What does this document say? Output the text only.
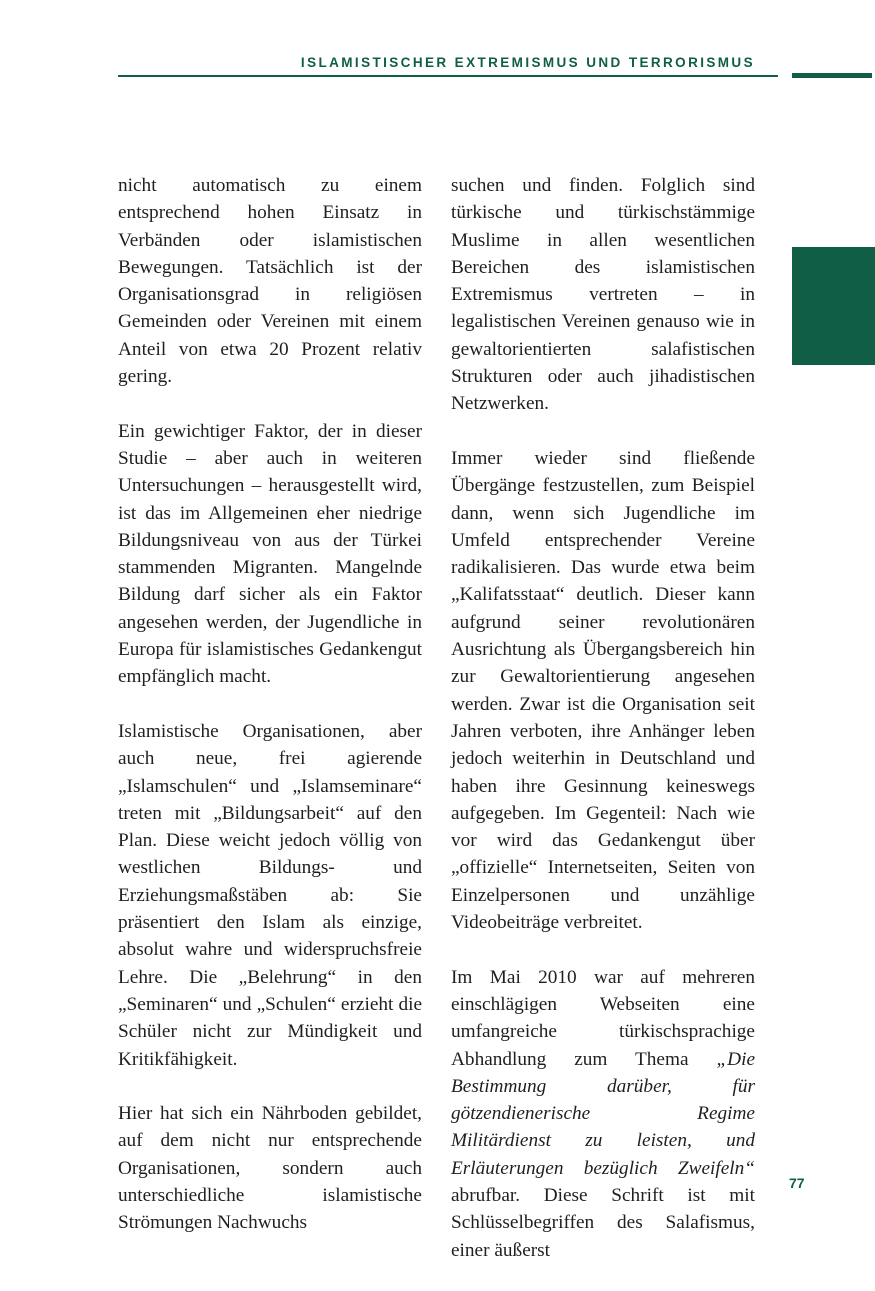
ISLAMISTISCHER EXTREMISMUS UND TERRORISMUS

nicht automatisch zu einem entsprechend hohen Einsatz in Verbänden oder islamistischen Bewegungen. Tatsächlich ist der Organisationsgrad in religiösen Gemeinden oder Vereinen mit einem Anteil von etwa 20 Prozent relativ gering.

Ein gewichtiger Faktor, der in dieser Studie – aber auch in weiteren Untersuchungen – herausgestellt wird, ist das im Allgemeinen eher niedrige Bildungsniveau von aus der Türkei stammenden Migranten. Mangelnde Bildung darf sicher als ein Faktor angesehen werden, der Jugendliche in Europa für islamistisches Gedankengut empfänglich macht.

Islamistische Organisationen, aber auch neue, frei agierende „Islamschulen“ und „Islamseminare“ treten mit „Bildungsarbeit“ auf den Plan. Diese weicht jedoch völlig von westlichen Bildungs- und Erziehungsmaßstäben ab: Sie präsentiert den Islam als einzige, absolut wahre und widerspruchsfreie Lehre. Die „Belehrung“ in den „Seminaren“ und „Schulen“ erzieht die Schüler nicht zur Mündigkeit und Kritikfähigkeit.

Hier hat sich ein Nährboden gebildet, auf dem nicht nur entsprechende Organisationen, sondern auch unterschiedliche islamistische Strömungen Nachwuchs

suchen und finden. Folglich sind türkische und türkischstämmige Muslime in allen wesentlichen Bereichen des islamistischen Extremismus vertreten – in legalistischen Vereinen genauso wie in gewaltorientierten salafistischen Strukturen oder auch jihadistischen Netzwerken.

Immer wieder sind fließende Übergänge festzustellen, zum Beispiel dann, wenn sich Jugendliche im Umfeld entsprechender Vereine radikalisieren. Das wurde etwa beim „Kalifatsstaat“ deutlich. Dieser kann aufgrund seiner revolutionären Ausrichtung als Übergangsbereich hin zur Gewaltorientierung angesehen werden. Zwar ist die Organisation seit Jahren verboten, ihre Anhänger leben jedoch weiterhin in Deutschland und haben ihre Gesinnung keineswegs aufgegeben. Im Gegenteil: Nach wie vor wird das Gedankengut über „offizielle“ Internetseiten, Seiten von Einzelpersonen und unzählige Videobeiträge verbreitet.

Im Mai 2010 war auf mehreren einschlägigen Webseiten eine umfangreiche türkischsprachige Abhandlung zum Thema „Die Bestimmung darüber, für götzendienerische Regime Militärdienst zu leisten, und Erläuterungen bezüglich Zweifeln“ abrufbar. Diese Schrift ist mit Schlüsselbegriffen des Salafismus, einer äußerst

77
